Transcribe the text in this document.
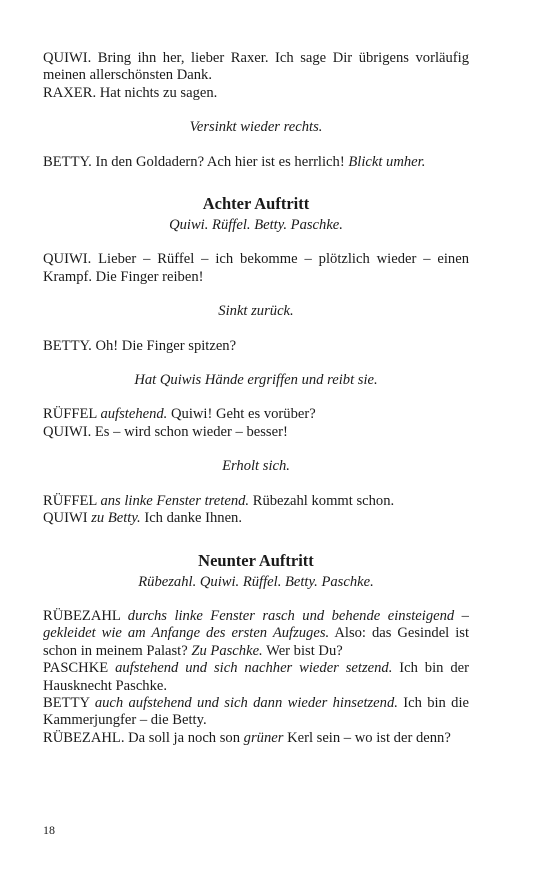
QUIWI. Bring ihn her, lieber Raxer. Ich sage Dir übrigens vorläufig meinen allerschönsten Dank.

RAXER. Hat nichts zu sagen.

Versinkt wieder rechts.

BETTY. In den Goldadern? Ach hier ist es herrlich! Blickt umher.

Achter Auftritt

Quiwi. Rüffel. Betty. Paschke.

QUIWI. Lieber – Rüffel – ich bekomme – plötzlich wieder – einen Krampf. Die Finger reiben!

Sinkt zurück.

BETTY. Oh! Die Finger spitzen?

Hat Quiwis Hände ergriffen und reibt sie.

RÜFFEL aufstehend. Quiwi! Geht es vorüber?

QUIWI. Es – wird schon wieder – besser!

Erholt sich.

RÜFFEL ans linke Fenster tretend. Rübezahl kommt schon.

QUIWI zu Betty. Ich danke Ihnen.

Neunter Auftritt

Rübezahl. Quiwi. Rüffel. Betty. Paschke.

RÜBEZAHL durchs linke Fenster rasch und behende einsteigend – gekleidet wie am Anfange des ersten Aufzuges. Also: das Gesindel ist schon in meinem Palast? Zu Paschke. Wer bist Du?

PASCHKE aufstehend und sich nachher wieder setzend. Ich bin der Hausknecht Paschke.

BETTY auch aufstehend und sich dann wieder hinsetzend. Ich bin die Kammerjungfer – die Betty.

RÜBEZAHL. Da soll ja noch son grüner Kerl sein – wo ist der denn?

18
